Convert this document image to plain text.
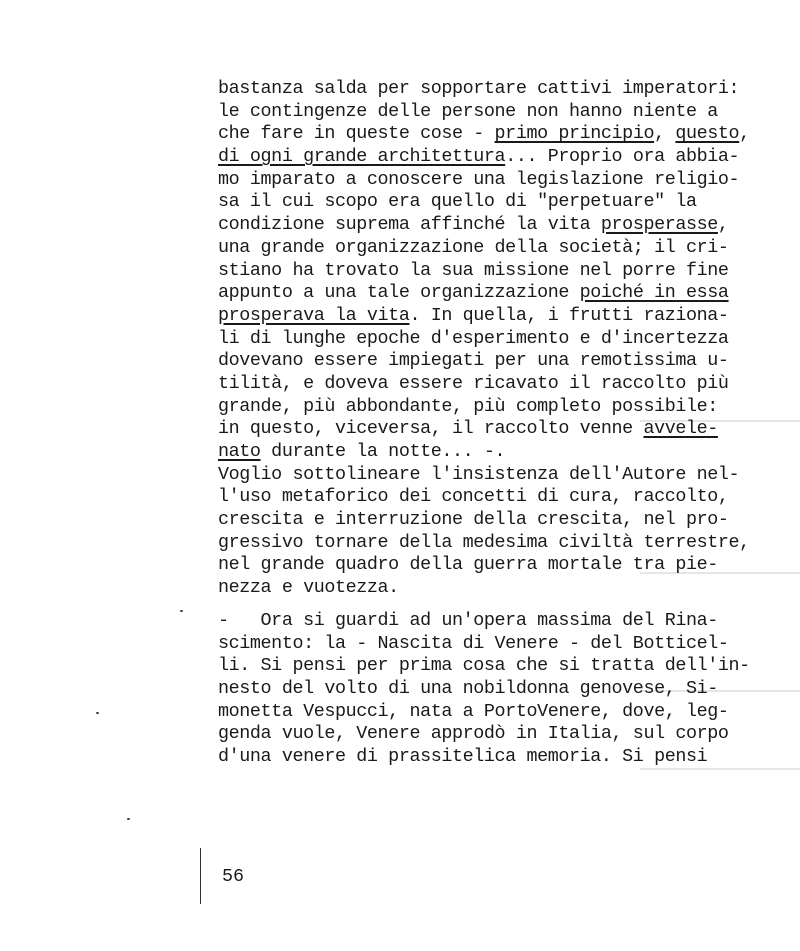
bastanza salda per sopportare cattivi imperatori:
le contingenze delle persone non hanno niente a
che fare in queste cose - primo principio, questo,
di ogni grande architettura... Proprio ora abbia-
mo imparato a conoscere una legislazione religio-
sa il cui scopo era quello di "perpetuare" la
condizione suprema affinché la vita prosperasse,
una grande organizzazione della società; il cri-
stiano ha trovato la sua missione nel porre fine
appunto a una tale organizzazione poiché in essa
prosperava la vita. In quella, i frutti raziona-
li di lunghe epoche d'esperimento e d'incertezza
dovevano essere impiegati per una remotissima u-
tilità, e doveva essere ricavato il raccolto più
grande, più abbondante, più completo possibile:
in questo, viceversa, il raccolto venne avvele-
nato durante la notte... -.
Voglio sottolineare l'insistenza dell'Autore nel-
l'uso metaforico dei concetti di cura, raccolto,
crescita e interruzione della crescita, nel pro-
gressivo tornare della medesima civiltà terrestre,
nel grande quadro della guerra mortale tra pie-
nezza e vuotezza.
-   Ora si guardi ad un'opera massima del Rina-
scimento: la - Nascita di Venere - del Botticel-
li. Si pensi per prima cosa che si tratta dell'in-
nesto del volto di una nobildonna genovese, Si-
monetta Vespucci, nata a PortoVenere, dove, leg-
genda vuole, Venere approdò in Italia, sul corpo
d'una venere di prassitelica memoria. Si pensi
56
